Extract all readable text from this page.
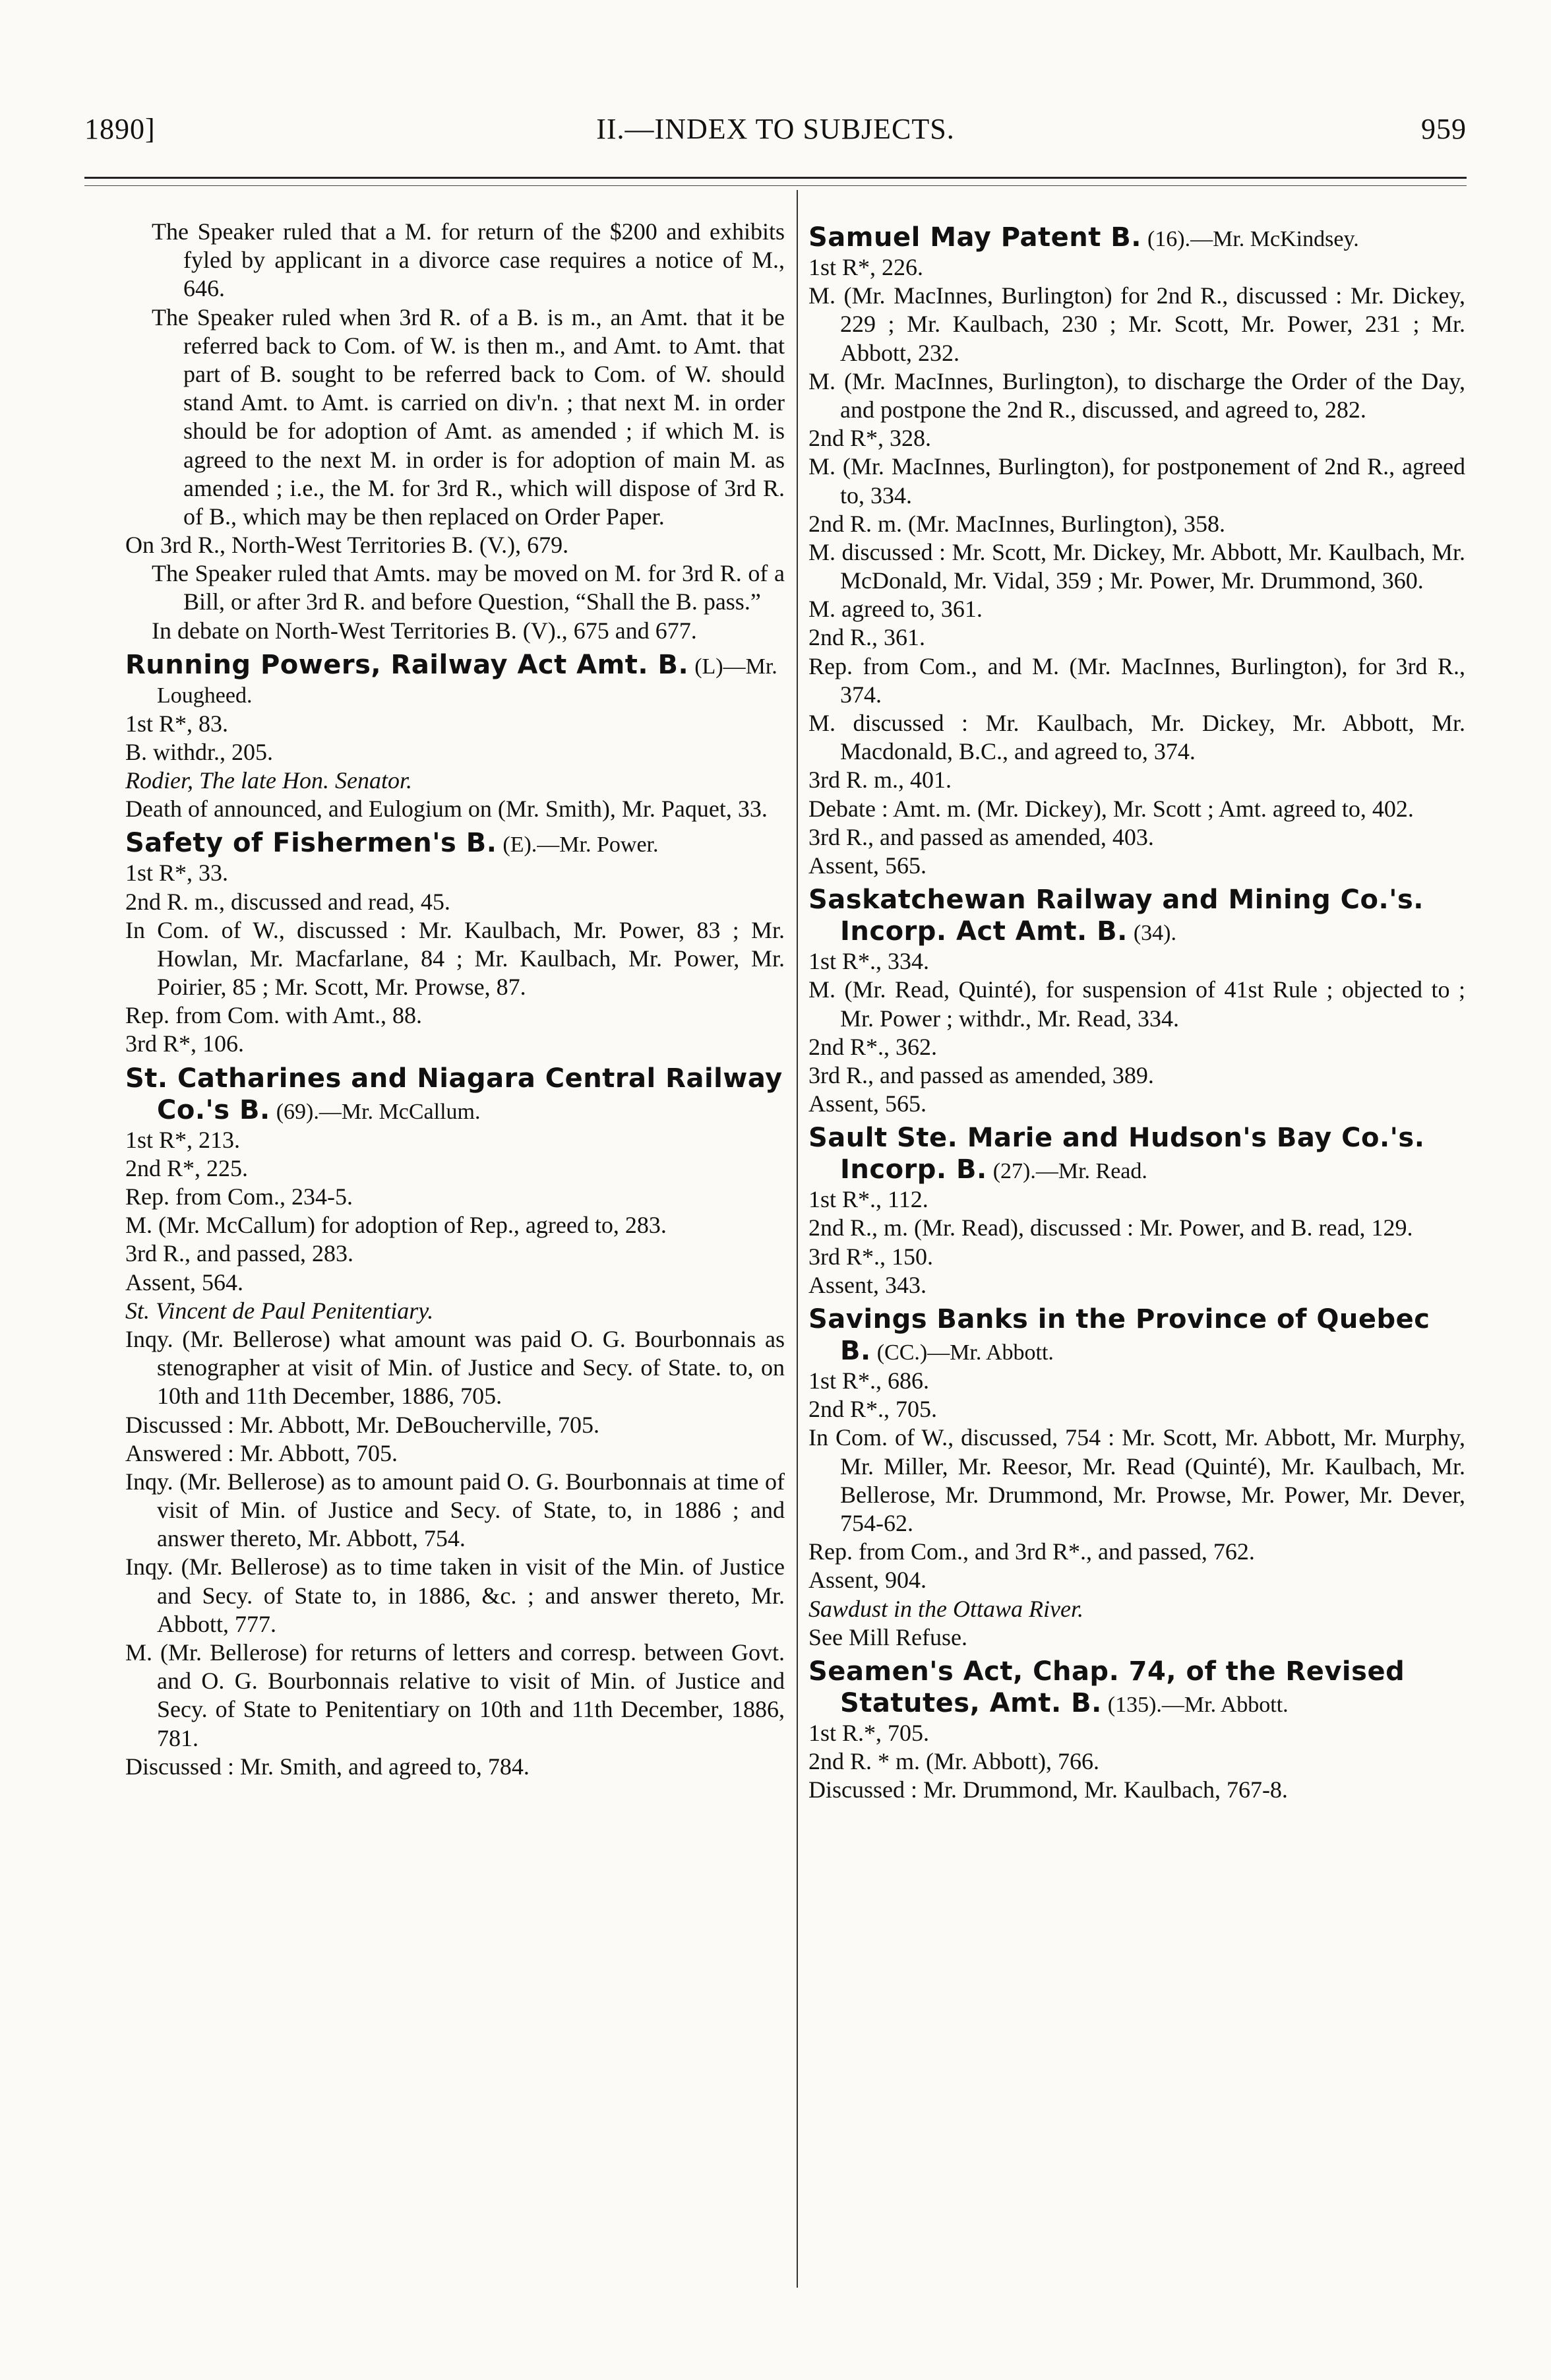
1890]	II.—INDEX TO SUBJECTS.	959

The Speaker ruled that a M. for return of the $200 and exhibits fyled by applicant in a divorce case requires a notice of M., 646.

The Speaker ruled when 3rd R. of a B. is m., an Amt. that it be referred back to Com. of W. is then m., and Amt. to Amt. that part of B. sought to be referred back to Com. of W. should stand Amt. to Amt. is carried on div'n. ; that next M. in order should be for adoption of Amt. as amended ; if which M. is agreed to the next M. in order is for adoption of main M. as amended ; i.e., the M. for 3rd R., which will dispose of 3rd R. of B., which may be then replaced on Order Paper.

On 3rd R., North-West Territories B. (V.), 679.

The Speaker ruled that Amts. may be moved on M. for 3rd R. of a Bill, or after 3rd R. and before Question, “Shall the B. pass.”

In debate on North-West Territories B. (V)., 675 and 677.

Running Powers, Railway Act Amt. B. (L)—Mr. Lougheed.

1st R*, 83.

B. withdr., 205.

Rodier, The late Hon. Senator.

Death of announced, and Eulogium on (Mr. Smith), Mr. Paquet, 33.

Safety of Fishermen's B. (E).—Mr. Power.

1st R*, 33.

2nd R. m., discussed and read, 45.

In Com. of W., discussed : Mr. Kaulbach, Mr. Power, 83 ; Mr. Howlan, Mr. Macfarlane, 84 ; Mr. Kaulbach, Mr. Power, Mr. Poirier, 85 ; Mr. Scott, Mr. Prowse, 87.

Rep. from Com. with Amt., 88.

3rd R*, 106.

St. Catharines and Niagara Central Railway Co.'s B. (69).—Mr. McCallum.

1st R*, 213.

2nd R*, 225.

Rep. from Com., 234-5.

M. (Mr. McCallum) for adoption of Rep., agreed to, 283.

3rd R., and passed, 283.

Assent, 564.

St. Vincent de Paul Penitentiary.

Inqy. (Mr. Bellerose) what amount was paid O. G. Bourbonnais as stenographer at visit of Min. of Justice and Secy. of State. to, on 10th and 11th December, 1886, 705.

Discussed : Mr. Abbott, Mr. DeBoucherville, 705.

Answered : Mr. Abbott, 705.

Inqy. (Mr. Bellerose) as to amount paid O. G. Bourbonnais at time of visit of Min. of Justice and Secy. of State, to, in 1886 ; and answer thereto, Mr. Abbott, 754.

Inqy. (Mr. Bellerose) as to time taken in visit of the Min. of Justice and Secy. of State to, in 1886, &c. ; and answer thereto, Mr. Abbott, 777.

M. (Mr. Bellerose) for returns of letters and corresp. between Govt. and O. G. Bourbonnais relative to visit of Min. of Justice and Secy. of State to Penitentiary on 10th and 11th December, 1886, 781.

Discussed : Mr. Smith, and agreed to, 784.

Samuel May Patent B. (16).—Mr. McKindsey.

1st R*, 226.

M. (Mr. MacInnes, Burlington) for 2nd R., discussed : Mr. Dickey, 229 ; Mr. Kaulbach, 230 ; Mr. Scott, Mr. Power, 231 ; Mr. Abbott, 232.

M. (Mr. MacInnes, Burlington), to discharge the Order of the Day, and postpone the 2nd R., discussed, and agreed to, 282.

2nd R*, 328.

M. (Mr. MacInnes, Burlington), for postponement of 2nd R., agreed to, 334.

2nd R. m. (Mr. MacInnes, Burlington), 358.

M. discussed : Mr. Scott, Mr. Dickey, Mr. Abbott, Mr. Kaulbach, Mr. McDonald, Mr. Vidal, 359 ; Mr. Power, Mr. Drummond, 360.

M. agreed to, 361.

2nd R., 361.

Rep. from Com., and M. (Mr. MacInnes, Burlington), for 3rd R., 374.

M. discussed : Mr. Kaulbach, Mr. Dickey, Mr. Abbott, Mr. Macdonald, B.C., and agreed to, 374.

3rd R. m., 401.

Debate : Amt. m. (Mr. Dickey), Mr. Scott ; Amt. agreed to, 402.

3rd R., and passed as amended, 403.

Assent, 565.

Saskatchewan Railway and Mining Co.'s. Incorp. Act Amt. B. (34).

1st R*., 334.

M. (Mr. Read, Quinté), for suspension of 41st Rule ; objected to ; Mr. Power ; withdr., Mr. Read, 334.

2nd R*., 362.

3rd R., and passed as amended, 389.

Assent, 565.

Sault Ste. Marie and Hudson's Bay Co.'s. Incorp. B. (27).—Mr. Read.

1st R*., 112.

2nd R., m. (Mr. Read), discussed : Mr. Power, and B. read, 129.

3rd R*., 150.

Assent, 343.

Savings Banks in the Province of Quebec B. (CC.)—Mr. Abbott.

1st R*., 686.

2nd R*., 705.

In Com. of W., discussed, 754 : Mr. Scott, Mr. Abbott, Mr. Murphy, Mr. Miller, Mr. Reesor, Mr. Read (Quinté), Mr. Kaulbach, Mr. Bellerose, Mr. Drummond, Mr. Prowse, Mr. Power, Mr. Dever, 754-62.

Rep. from Com., and 3rd R*., and passed, 762.

Assent, 904.

Sawdust in the Ottawa River.

See Mill Refuse.

Seamen's Act, Chap. 74, of the Revised Statutes, Amt. B. (135).—Mr. Abbott.

1st R.*, 705.

2nd R. * m. (Mr. Abbott), 766.

Discussed : Mr. Drummond, Mr. Kaulbach, 767-8.
